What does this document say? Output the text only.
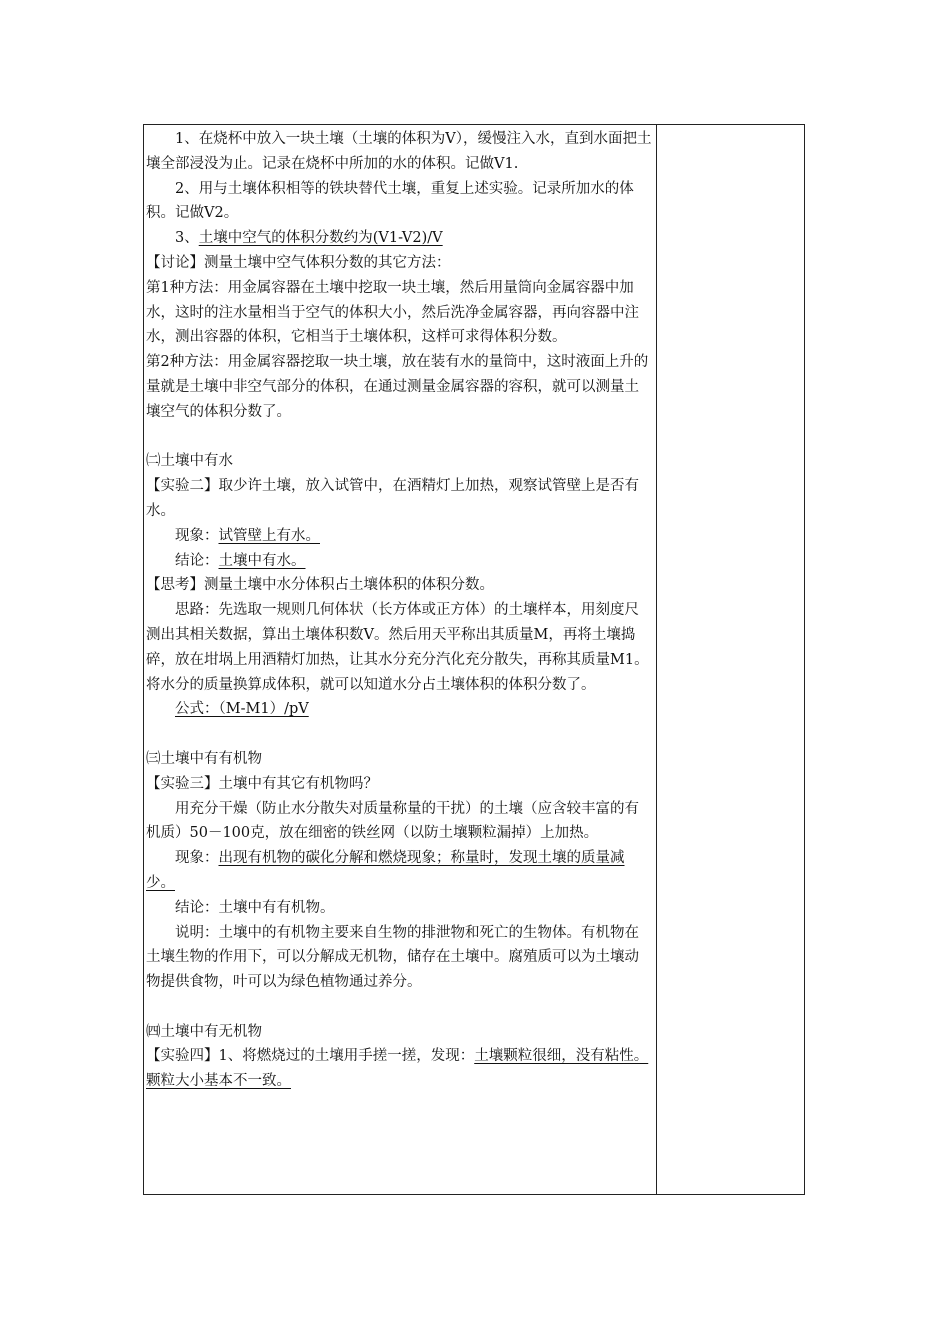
1、在烧杯中放入一块土壤（土壤的体积为V），缓慢注入水，直到水面把土壤全部浸没为止。记录在烧杯中所加的水的体积。记做V1.
2、用与土壤体积相等的铁块替代土壤，重复上述实验。记录所加水的体积。记做V2。
3、土壤中空气的体积分数约为(V1-V2)/V
【讨论】测量土壤中空气体积分数的其它方法：
第1种方法：用金属容器在土壤中挖取一块土壤，然后用量筒向金属容器中加水，这时的注水量相当于空气的体积大小，然后洗净金属容器，再向容器中注水，测出容器的体积，它相当于土壤体积，这样可求得体积分数。
第2种方法：用金属容器挖取一块土壤，放在装有水的量筒中，这时液面上升的量就是土壤中非空气部分的体积，在通过测量金属容器的容积，就可以测量土壤空气的体积分数了。
㈡土壤中有水
【实验二】取少许土壤，放入试管中，在酒精灯上加热，观察试管壁上是否有水。
现象：试管壁上有水。
结论：土壤中有水。
【思考】测量土壤中水分体积占土壤体积的体积分数。
思路：先选取一规则几何体状（长方体或正方体）的土壤样本，用刻度尺测出其相关数据，算出土壤体积数V。然后用天平称出其质量M，再将土壤捣碎，放在坩埚上用酒精灯加热，让其水分充分汽化充分散失，再称其质量M1。将水分的质量换算成体积，就可以知道水分占土壤体积的体积分数了。
公式：（M-M1）/pV
㈢土壤中有有机物
【实验三】土壤中有其它有机物吗？
用充分干燥（防止水分散失对质量称量的干扰）的土壤（应含较丰富的有机质）50－100克，放在细密的铁丝网（以防土壤颗粒漏掉）上加热。
现象：出现有机物的碳化分解和燃烧现象；称量时，发现土壤的质量减少。
结论：土壤中有有机物。
说明：土壤中的有机物主要来自生物的排泄物和死亡的生物体。有机物在土壤生物的作用下，可以分解成无机物，储存在土壤中。腐殖质可以为土壤动物提供食物，叶可以为绿色植物通过养分。
㈣土壤中有无机物
【实验四】1、将燃烧过的土壤用手搓一搓，发现：土壤颗粒很细，没有粘性。颗粒大小基本不一致。
